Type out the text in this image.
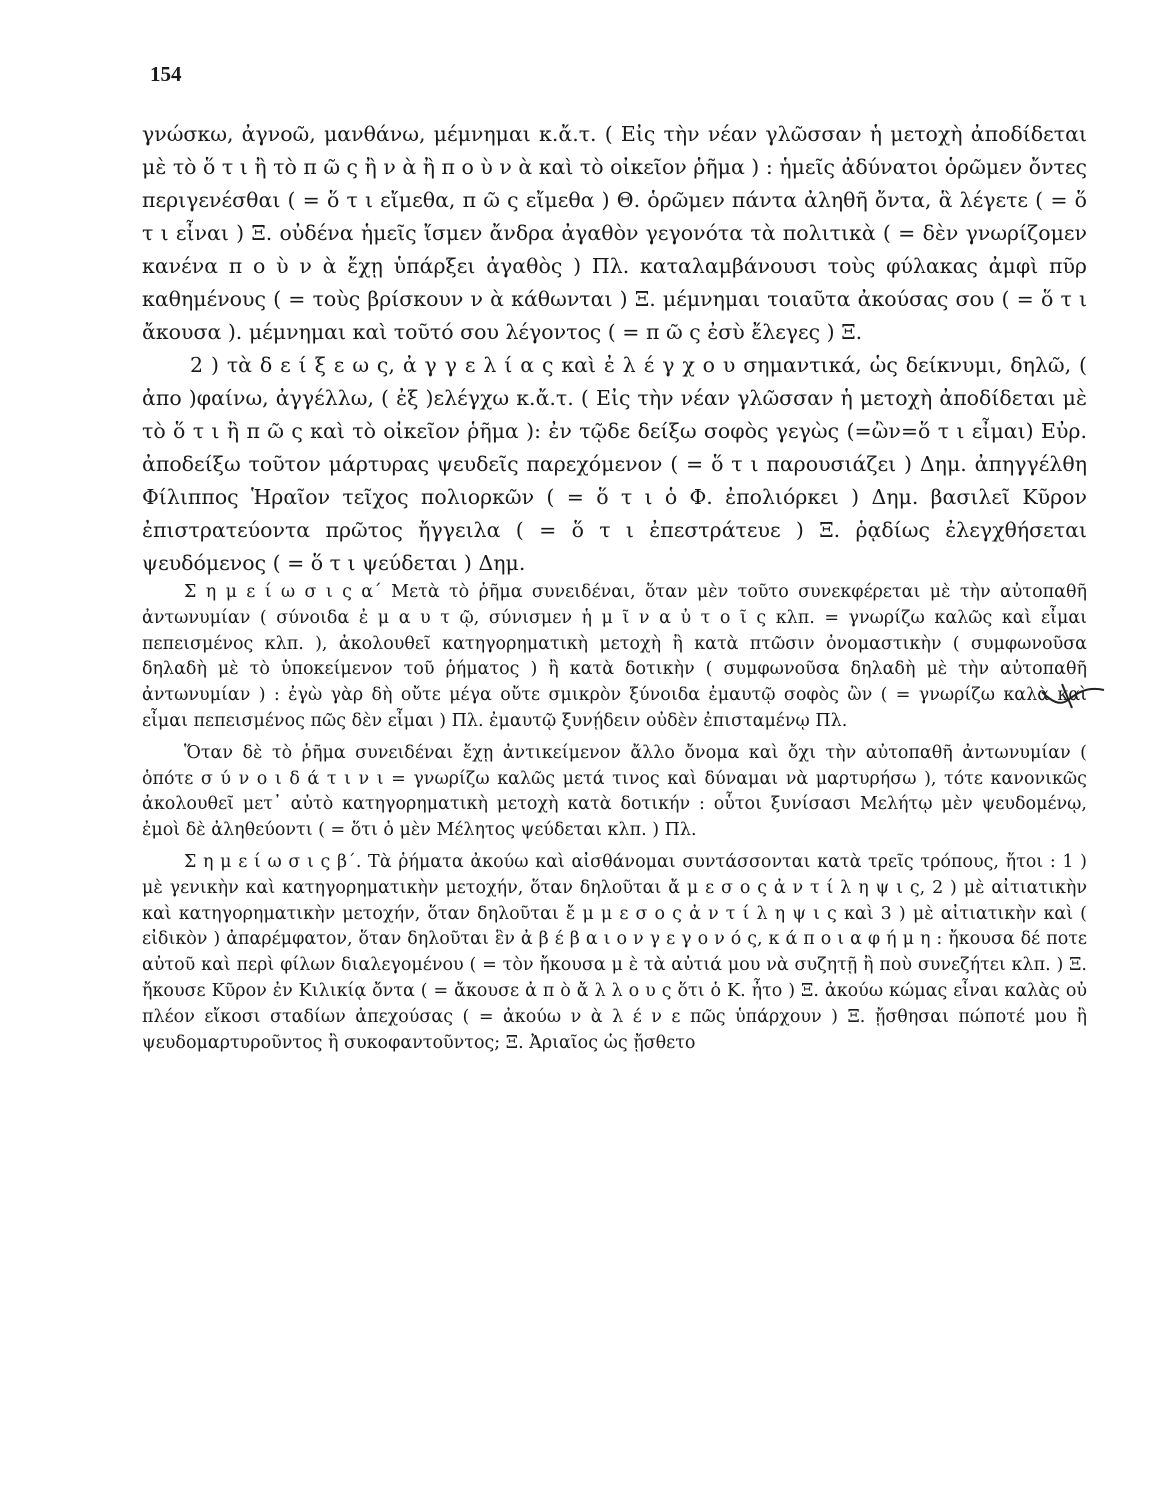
154

γνώσκω, ἀγνοῶ, μανθάνω, μέμνημαι κ.ἄ.τ. ( Εἰς τὴν νέαν γλῶσσαν ἡ μετοχὴ ἀποδίδεται μὲ τὸ ὅ τ ι ἢ τὸ π ῶ ς ἢ ν ὰ ἢ π ο ὺ ν ὰ καὶ τὸ οἰκεῖον ῥῆμα ) : ἡμεῖς ἀδύνατοι ὁρῶμεν ὄντες περιγενέσθαι ( = ὅ τ ι εἴμεθα, π ῶ ς εἴμεθα ) Θ. ὁρῶμεν πάντα ἀληθῆ ὄντα, ἃ λέγετε ( = ὅ τ ι εἶναι ) Ξ. οὐδένα ἡμεῖς ἴσμεν ἄνδρα ἀγαθὸν γεγονότα τὰ πολιτικὰ ( = δὲν γνωρίζομεν κανένα π ο ὺ ν ὰ ἔχῃ ὑπάρξει ἀγαθὸς ) Πλ. καταλαμβάνουσι τοὺς φύλακας ἀμφὶ πῦρ καθημένους ( = τοὺς βρίσκουν ν ὰ κάθωνται ) Ξ. μέμνημαι τοιαῦτα ἀκούσας σου ( = ὅ τ ι ἄκουσα ). μέμνημαι καὶ τοῦτό σου λέγοντος ( = π ῶ ς ἐσὺ ἔλεγες ) Ξ.

2 ) τὰ δ ε ί ξ ε ω ς, ἀ γ γ ε λ ί α ς καὶ ἐ λ έ γ χ ο υ σημαντικά, ὡς δείκνυμι, δηλῶ, ( ἀπο )φαίνω, ἀγγέλλω, ( ἐξ )ελέγχω κ.ἄ.τ. ( Εἰς τὴν νέαν γλῶσσαν ἡ μετοχὴ ἀποδίδεται μὲ τὸ ὅ τ ι ἢ π ῶ ς καὶ τὸ οἰκεῖον ῥῆμα ): ἐν τῷδε δείξω σοφὸς γεγὼς (=ὢν=ὅ τ ι εἶμαι) Εὐρ. ἀποδείξω τοῦτον μάρτυρας ψευδεῖς παρεχόμενον ( = ὅ τ ι παρουσιάζει ) Δημ. ἀπηγγέλθη Φίλιππος Ἡραῖον τεῖχος πολιορκῶν ( = ὅ τ ι ὁ Φ. ἐπολιόρκει ) Δημ. βασιλεῖ Κῦρον ἐπιστρατεύοντα πρῶτος ἤγγειλα ( = ὅ τ ι ἐπεστράτευε ) Ξ. ῥᾳδίως ἐλεγχθήσεται ψευδόμενος ( = ὅ τ ι ψεύδεται ) Δημ.

Σ η μ ε ί ω σ ι ς α΄ Μετὰ τὸ ῥῆμα συνειδέναι, ὅταν μὲν τοῦτο συνεκφέρεται μὲ τὴν αὐτοπαθῆ ἀντωνυμίαν ( σύνοιδα ἐ μ α υ τ ῷ, σύνισμεν ἡ μ ῖ ν α ὐ τ ο ῖ ς κλπ. = γνωρίζω καλῶς καὶ εἶμαι πεπεισμένος κλπ. ), ἀκολουθεῖ κατηγορηματικὴ μετοχὴ ἢ κατὰ πτῶσιν ὀνομαστικὴν ( συμφωνοῦσα δηλαδὴ μὲ τὸ ὑποκείμενον τοῦ ῥήματος ) ἢ κατὰ δοτικὴν ( συμφωνοῦσα δηλαδὴ μὲ τὴν αὐτοπαθῆ ἀντωνυμίαν ) : ἐγὼ γὰρ δὴ οὔτε μέγα οὔτε σμικρὸν ξύνοιδα ἐμαυτῷ σοφὸς ὢν ( = γνωρίζω καλὰ καὶ εἶμαι πεπεισμένος πῶς δὲν εἶμαι ) Πλ. ἐμαυτῷ ξυνῄδειν οὐδὲν ἐπισταμένῳ Πλ.

Ὅταν δὲ τὸ ῥῆμα συνειδέναι ἔχῃ ἀντικείμενον ἄλλο ὄνομα καὶ ὄχι τὴν αὐτοπαθῆ ἀντωνυμίαν ( ὁπότε σ ύ ν ο ι δ ά τ ι ν ι = γνωρίζω καλῶς μετά τινος καὶ δύναμαι νὰ μαρτυρήσω ), τότε κανονικῶς ἀκολουθεῖ μετ᾽ αὐτὸ κατηγορηματικὴ μετοχὴ κατὰ δοτικήν : οὗτοι ξυνίσασι Μελήτῳ μὲν ψευδομένῳ, ἐμοὶ δὲ ἀληθεύοντι ( = ὅτι ὁ μὲν Μέλητος ψεύδεται κλπ. ) Πλ.

Σ η μ ε ί ω σ ι ς β΄. Τὰ ῥήματα ἀκούω καὶ αἰσθάνομαι συντάσσονται κατὰ τρεῖς τρόπους, ἤτοι : 1 ) μὲ γενικὴν καὶ κατηγορηματικὴν μετοχήν, ὅταν δηλοῦται ἄ μ ε σ ο ς ἀ ν τ ί λ η ψ ι ς, 2 ) μὲ αἰτιατικὴν καὶ κατηγορηματικὴν μετοχήν, ὅταν δηλοῦται ἔ μ μ ε σ ο ς ἀ ν τ ί λ η ψ ι ς καὶ 3 ) μὲ αἰτιατικὴν καὶ ( εἰδικὸν ) ἀπαρέμφατον, ὅταν δηλοῦται ἓν ἀ β έ β α ι ο ν γ ε γ ο ν ό ς, κ ά π ο ι α φ ή μ η : ἤκουσα δέ ποτε αὐτοῦ καὶ περὶ φίλων διαλεγομένου ( = τὸν ἤκουσα μ ὲ τὰ αὐτιά μου νὰ συζητῇ ἢ ποὺ συνεζήτει κλπ. ) Ξ. ἤκουσε Κῦρον ἐν Κιλικίᾳ ὄντα ( = ἄκουσε ἀ π ὸ ἄ λ λ ο υ ς ὅτι ὁ Κ. ἦτο ) Ξ. ἀκούω κώμας εἶναι καλὰς οὐ πλέον εἴκοσι σταδίων ἀπεχούσας ( = ἀκούω ν ὰ λ έ ν ε πῶς ὑπάρχουν ) Ξ. ᾔσθησαι πώποτέ μου ἢ ψευδομαρτυροῦντος ἢ συκοφαντοῦντος; Ξ. Ἀριαῖος ὡς ᾔσθετο
